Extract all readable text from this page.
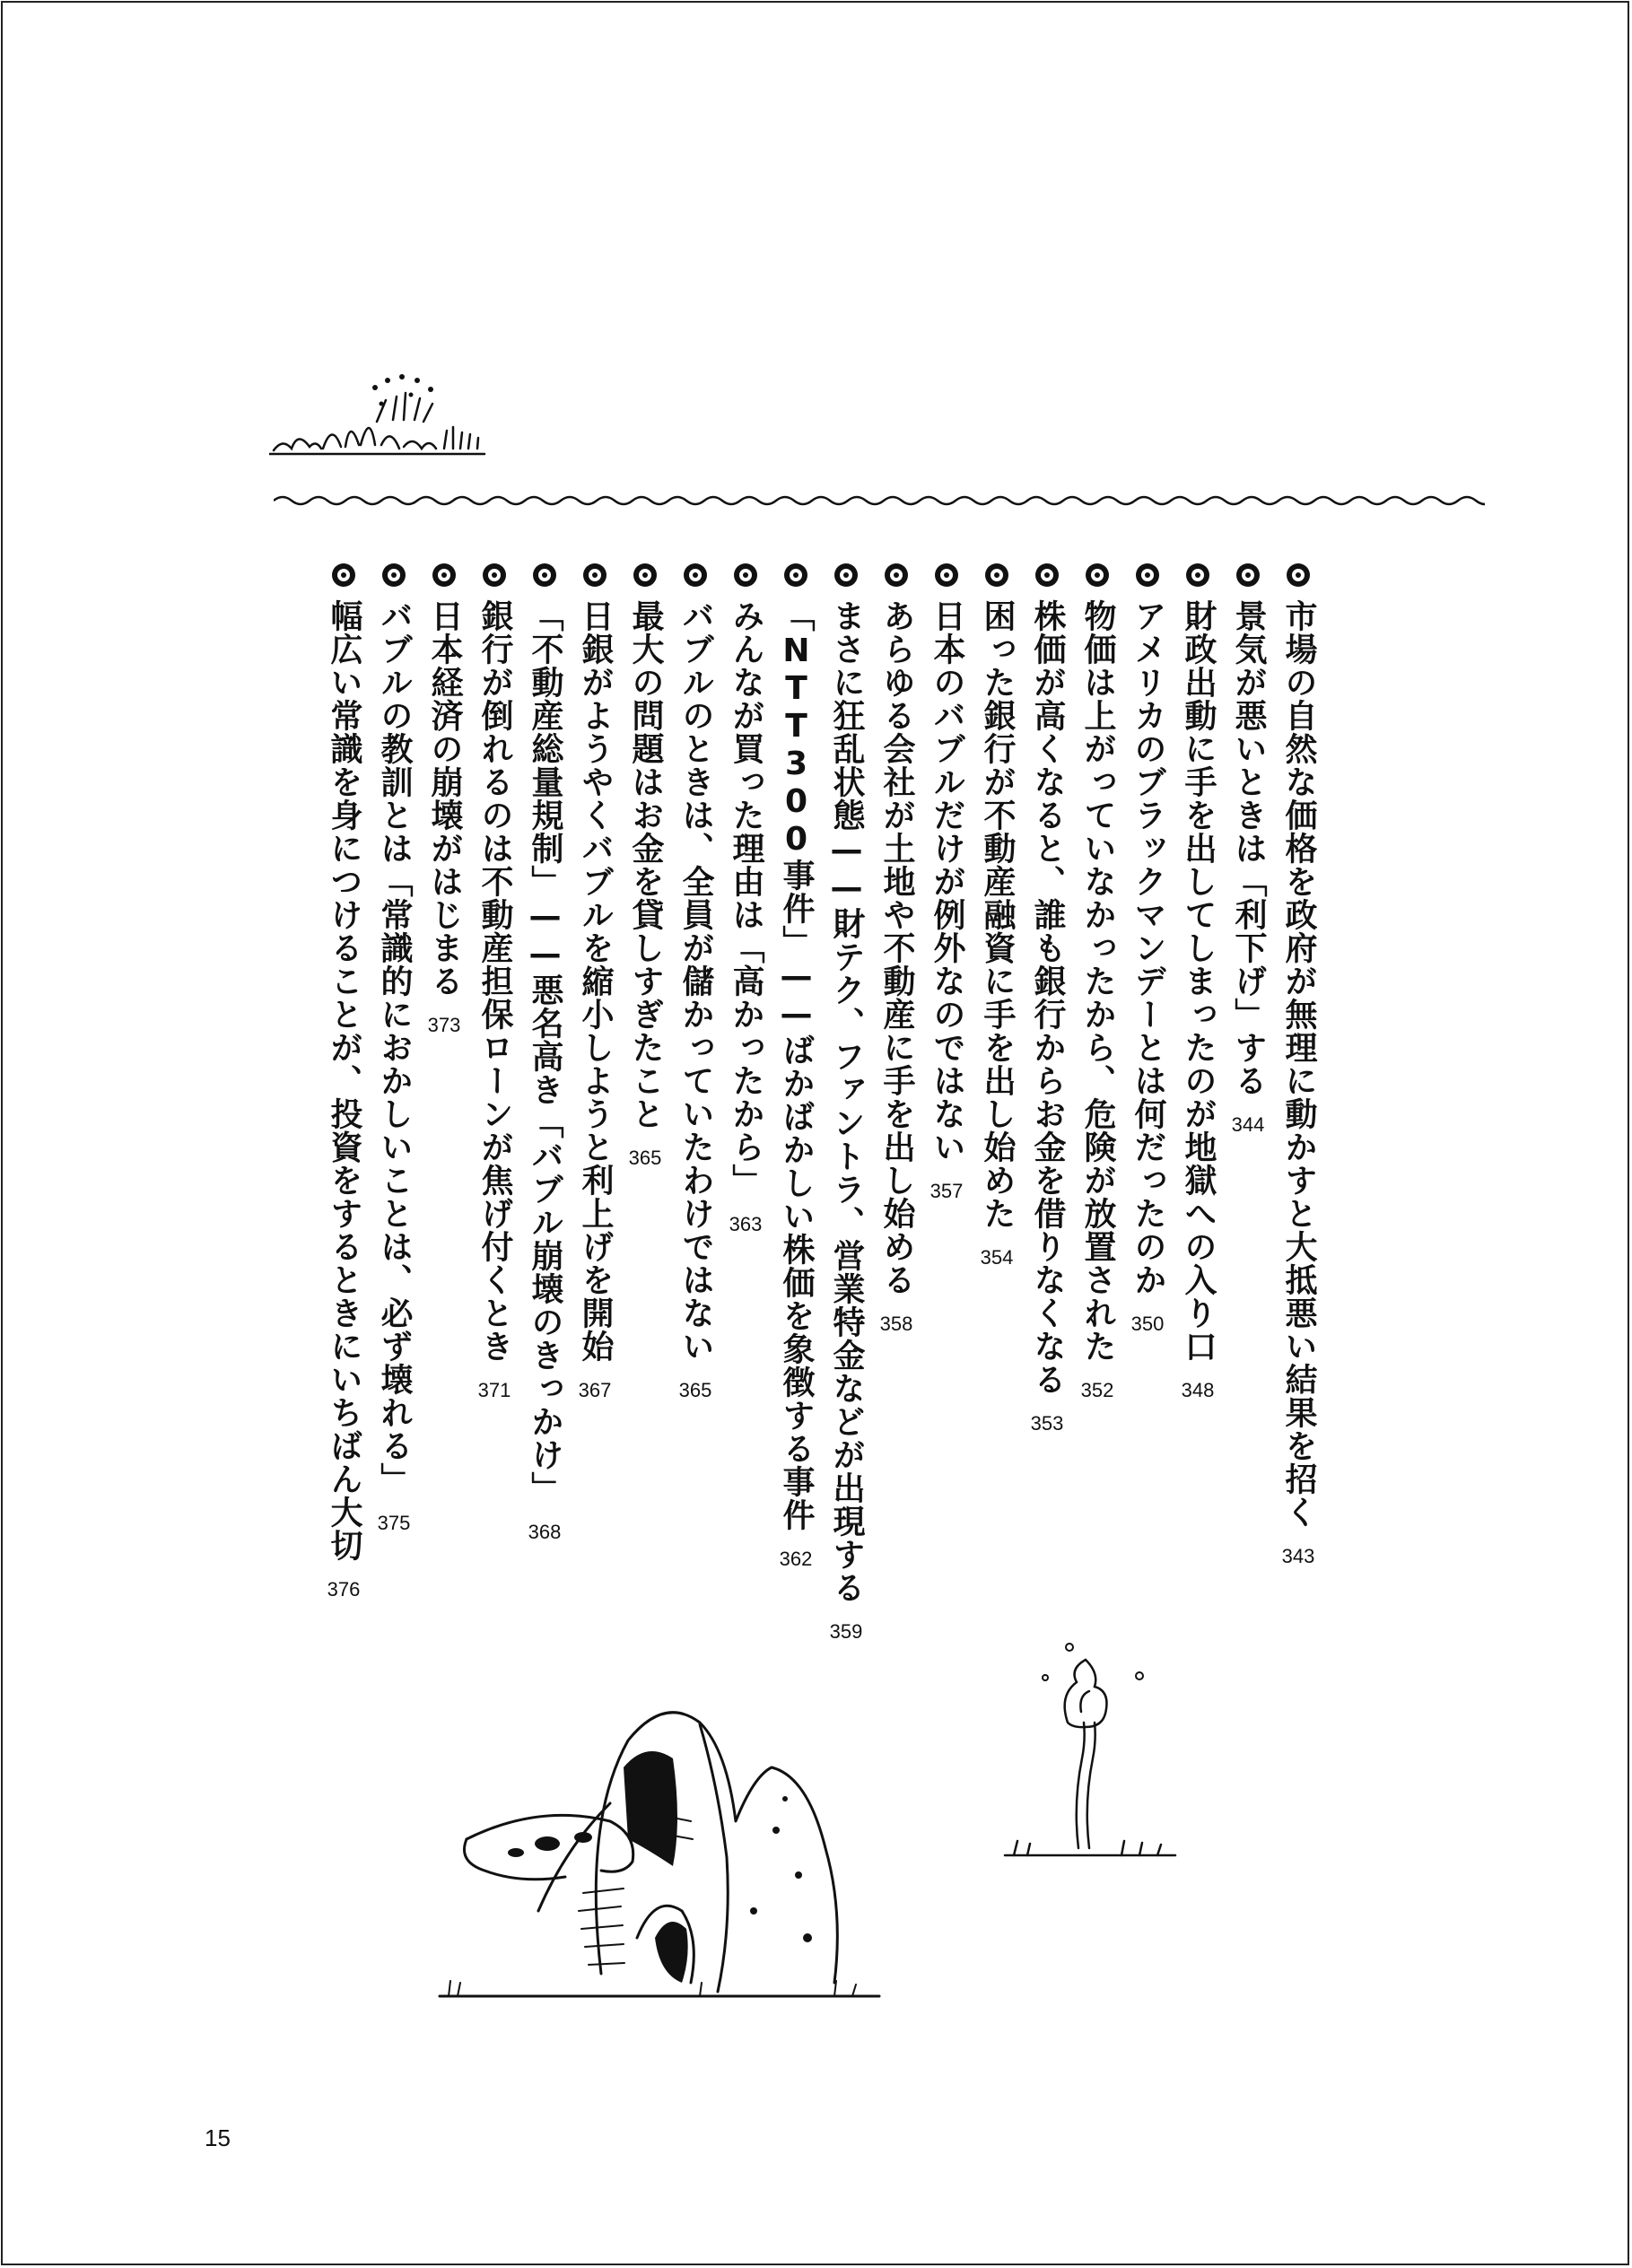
市場の自然な価格を政府が無理に動かすと大抵悪い結果を招く
343
景気が悪いときは「利下げ」する
344
財政出動に手を出してしまったのが地獄への入り口
348
アメリカのブラックマンデーとは何だったのか
350
物価は上がっていなかったから、危険が放置された
352
株価が高くなると、誰も銀行からお金を借りなくなる
353
困った銀行が不動産融資に手を出し始めた
354
日本のバブルだけが例外なのではない
357
あらゆる会社が土地や不動産に手を出し始める
358
まさに狂乱状態——財テク、ファントラ、営業特金などが出現する
359
「NTT300事件」——ばかばかしい株価を象徴する事件
362
みんなが買った理由は「高かったから」
363
バブルのときは、全員が儲かっていたわけではない
365
最大の問題はお金を貸しすぎたこと
365
日銀がようやくバブルを縮小しようと利上げを開始
367
「不動産総量規制」——悪名高き「バブル崩壊のきっかけ」
368
銀行が倒れるのは不動産担保ローンが焦げ付くとき
371
日本経済の崩壊がはじまる
373
バブルの教訓とは「常識的におかしいことは、必ず壊れる」
375
幅広い常識を身につけることが、投資をするときにいちばん大切
376
15
